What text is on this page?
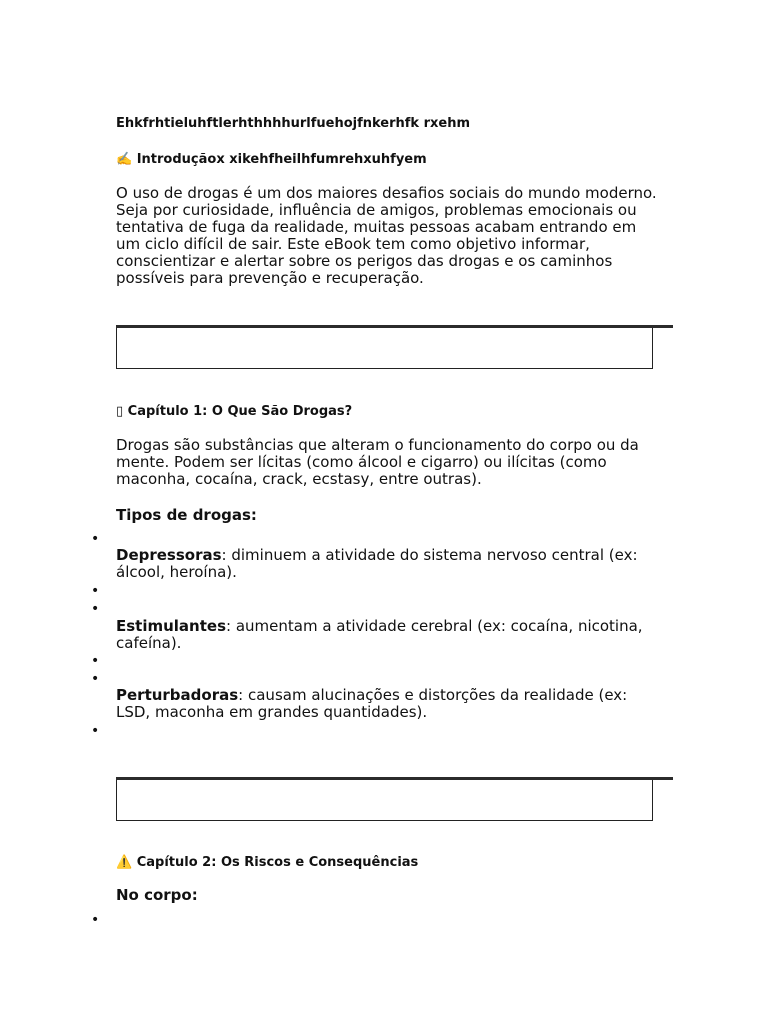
Ehkfrhtieluhftlerhthhhhurlfuehojfnkerhfk rxehm
✍️ Introduçãox xikehfheilhfumrehxuhfyem
O uso de drogas é um dos maiores desafios sociais do mundo moderno. Seja por curiosidade, influência de amigos, problemas emocionais ou tentativa de fuga da realidade, muitas pessoas acabam entrando em um ciclo difícil de sair. Este eBook tem como objetivo informar, conscientizar e alertar sobre os perigos das drogas e os caminhos possíveis para prevenção e recuperação.
▯ Capítulo 1: O Que São Drogas?
Drogas são substâncias que alteram o funcionamento do corpo ou da mente. Podem ser lícitas (como álcool e cigarro) ou ilícitas (como maconha, cocaína, crack, ecstasy, entre outras).
Tipos de drogas:
•
Depressoras: diminuem a atividade do sistema nervoso central (ex: álcool, heroína).
•
•
Estimulantes: aumentam a atividade cerebral (ex: cocaína, nicotina, cafeína).
•
•
Perturbadoras: causam alucinações e distorções da realidade (ex: LSD, maconha em grandes quantidades).
•
⚠️ Capítulo 2: Os Riscos e Consequências
No corpo:
•
